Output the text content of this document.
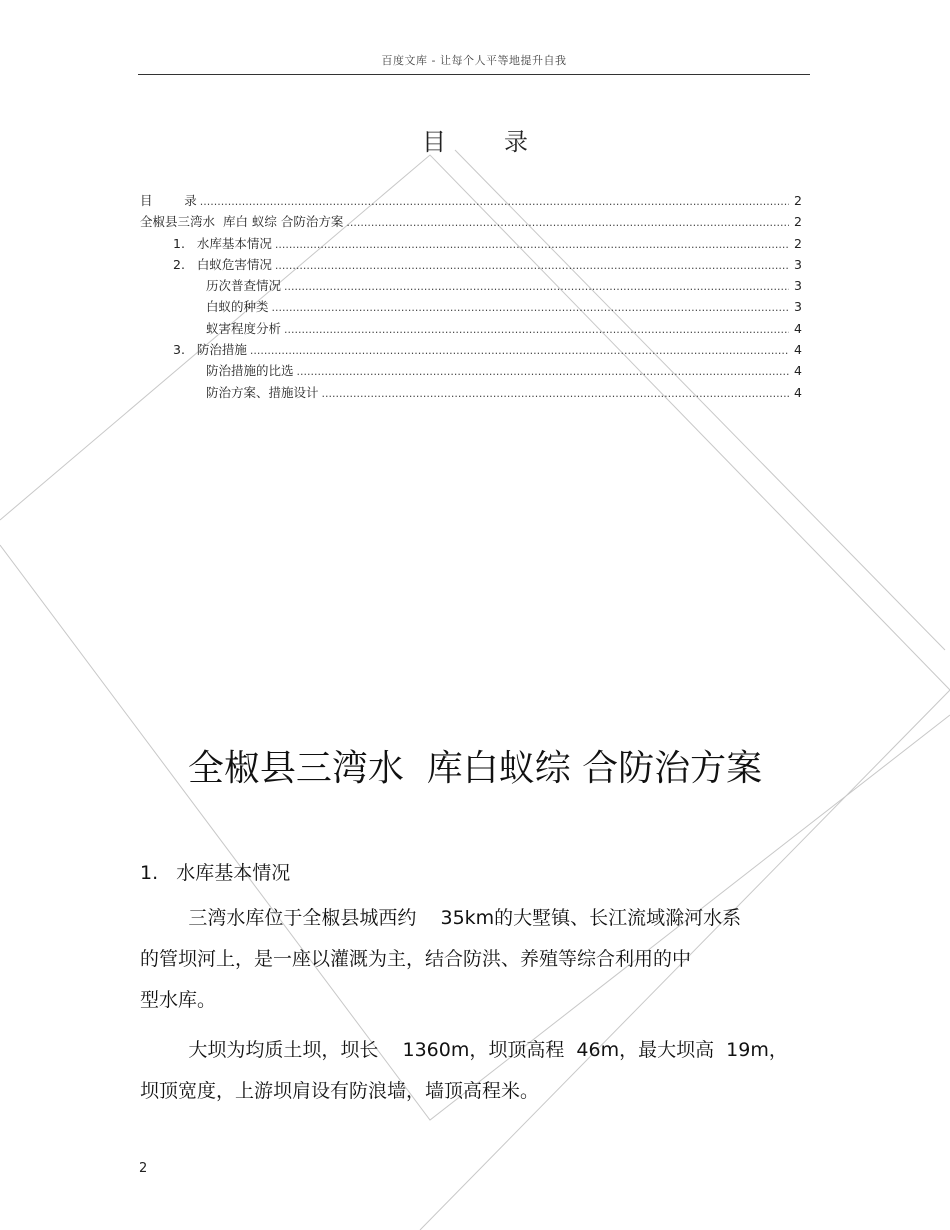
百度文库 - 让每个人平等地提升自我
目 录
目        录 .....	2
全椒县三湾水  库白 蚁综 合防治方案 .....	2
1.   水库基本情况 .....	2
2.   白蚁危害情况 .....	3
历次普查情况 .....	3
白蚁的种类 .....	3
蚁害程度分析 .....	4
3.   防治措施 .....	4
防治措施的比选 .....	4
防治方案、措施设计 .....	4
全椒县三湾水  库白蚁综 合防治方案
1.   水库基本情况
三湾水库位于全椒县城西约    35km的大墅镇、长江流域滁河水系
的管坝河上，是一座以灌溉为主，结合防洪、养殖等综合利用的中
型水库。
大坝为均质土坝，坝长    1360m，坝顶高程  46m，最大坝高  19m，
坝顶宽度，上游坝肩设有防浪墙，墙顶高程米。
2
